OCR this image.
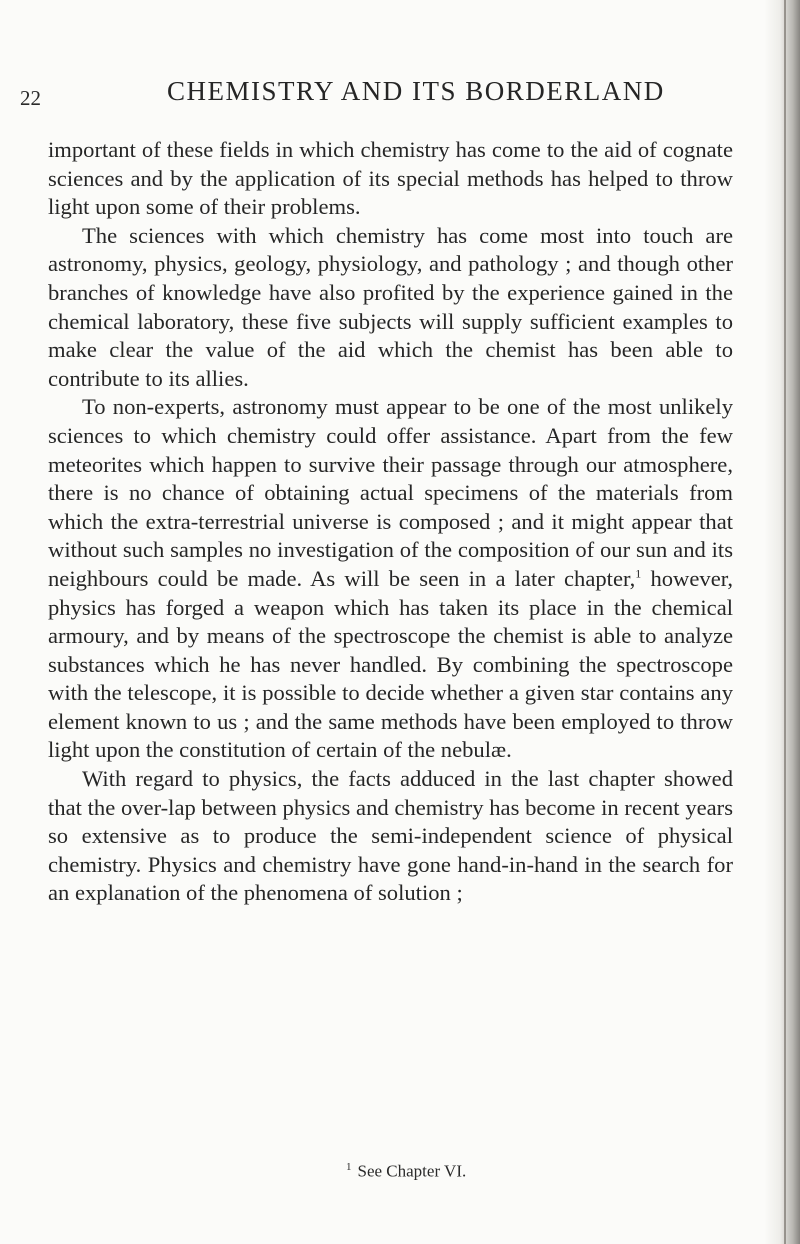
22	CHEMISTRY AND ITS BORDERLAND

important of these fields in which chemistry has come to the aid of cognate sciences and by the application of its special methods has helped to throw light upon some of their problems.

The sciences with which chemistry has come most into touch are astronomy, physics, geology, physiology, and pathology ; and though other branches of knowledge have also profited by the experience gained in the chemical laboratory, these five subjects will supply sufficient examples to make clear the value of the aid which the chemist has been able to contribute to its allies.

To non-experts, astronomy must appear to be one of the most unlikely sciences to which chemistry could offer assistance. Apart from the few meteorites which happen to survive their passage through our atmosphere, there is no chance of obtaining actual specimens of the materials from which the extra-terrestrial universe is composed ; and it might appear that without such samples no investigation of the composition of our sun and its neighbours could be made. As will be seen in a later chapter,$^1$ however, physics has forged a weapon which has taken its place in the chemical armoury, and by means of the spectroscope the chemist is able to analyze substances which he has never handled. By combining the spectroscope with the telescope, it is possible to decide whether a given star contains any element known to us ; and the same methods have been employed to throw light upon the constitution of certain of the nebulæ.

With regard to physics, the facts adduced in the last chapter showed that the over-lap between physics and chemistry has become in recent years so extensive as to produce the semi-independent science of physical chemistry. Physics and chemistry have gone hand-in-hand in the search for an explanation of the phenomena of solution ;

$^1$ See Chapter VI.
